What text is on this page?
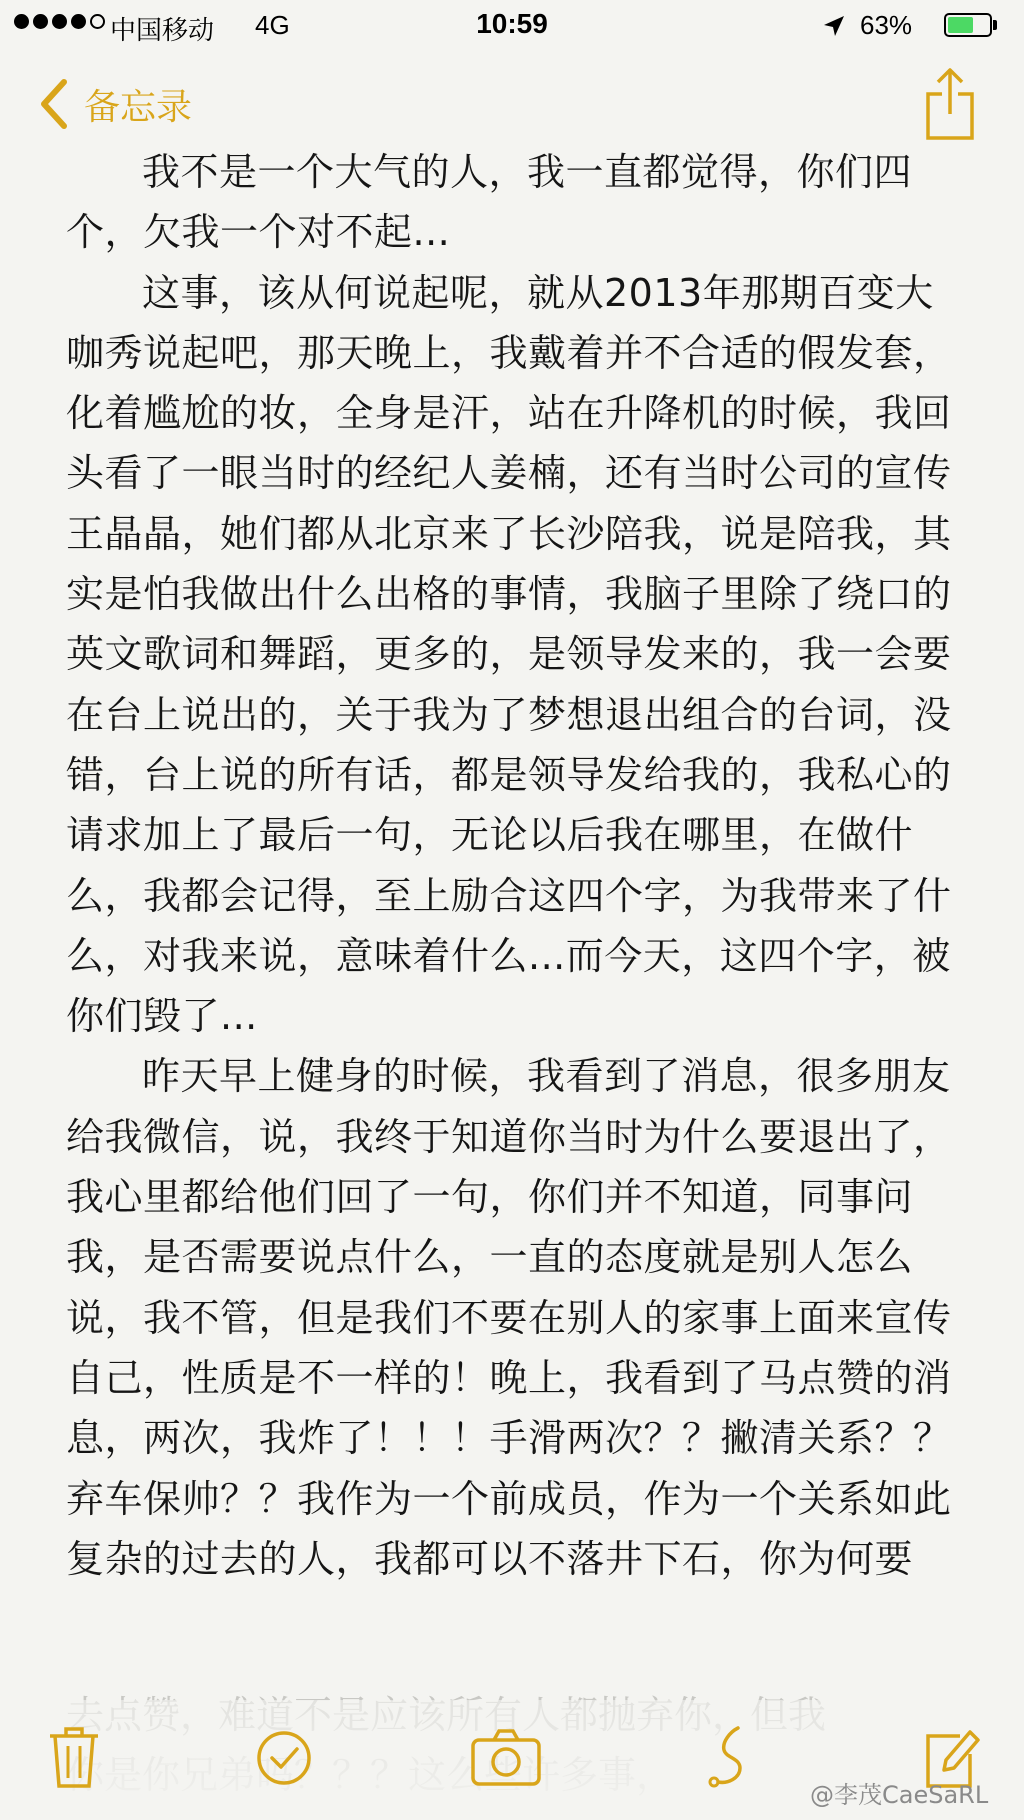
中国移动 4G	10:59	63%
备忘录

我不是一个大气的人，我一直都觉得，你们四个，欠我一个对不起...

这事，该从何说起呢，就从2013年那期百变大咖秀说起吧，那天晚上，我戴着并不合适的假发套，化着尴尬的妆，全身是汗，站在升降机的时候，我回头看了一眼当时的经纪人姜楠，还有当时公司的宣传王晶晶，她们都从北京来了长沙陪我，说是陪我，其实是怕我做出什么出格的事情，我脑子里除了绕口的英文歌词和舞蹈，更多的，是领导发来的，我一会要在台上说出的，关于我为了梦想退出组合的台词，没错，台上说的所有话，都是领导发给我的，我私心的请求加上了最后一句，无论以后我在哪里，在做什么，我都会记得，至上励合这四个字，为我带来了什么，对我来说，意味着什么...而今天，这四个字，被你们毁了...

昨天早上健身的时候，我看到了消息，很多朋友给我微信，说，我终于知道你当时为什么要退出了，我心里都给他们回了一句，你们并不知道，同事问我，是否需要说点什么，一直的态度就是别人怎么说，我不管，但是我们不要在别人的家事上面来宣传自己，性质是不一样的！晚上，我看到了马点赞的消息，两次，我炸了！！！手滑两次？？撇清关系？？弃车保帅？？我作为一个前成员，作为一个关系如此复杂的过去的人，我都可以不落井下石，你为何要

@李茂CaeSaRL
